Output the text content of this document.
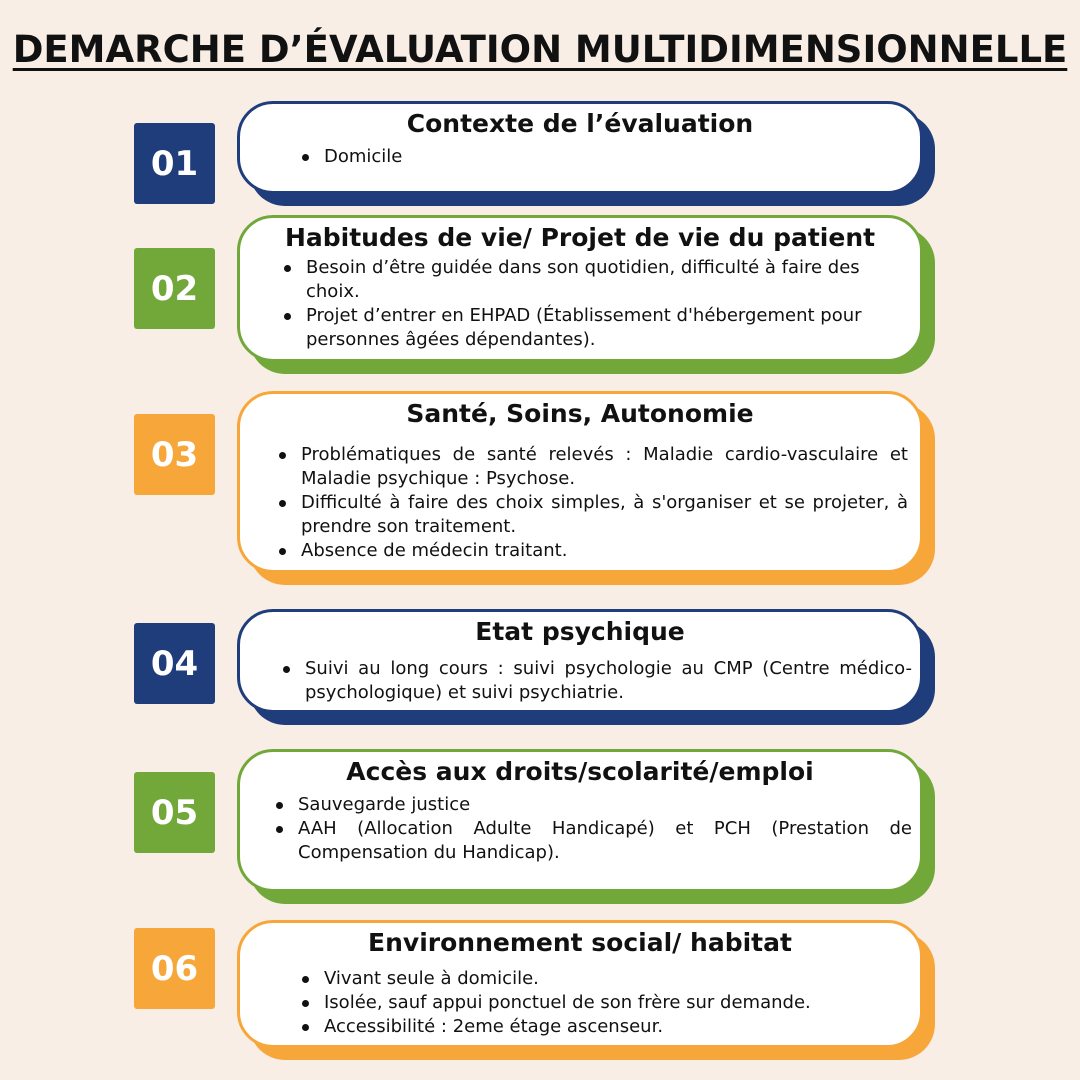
DEMARCHE D’ÉVALUATION MULTIDIMENSIONNELLE
01
Contexte de l’évaluation
Domicile
02
Habitudes de vie/ Projet de vie du patient
Besoin d’être guidée dans son quotidien, difficulté à faire des choix.
Projet d’entrer en EHPAD (Établissement d'hébergement pour personnes âgées dépendantes).
03
Santé, Soins, Autonomie
Problématiques de santé relevés : Maladie cardio-vasculaire et Maladie psychique : Psychose.
Difficulté à faire des choix simples, à s'organiser et se projeter, à prendre son traitement.
Absence de médecin traitant.
04
Etat psychique
Suivi au long cours : suivi psychologie au CMP (Centre médico-psychologique) et suivi psychiatrie.
05
Accès aux droits/scolarité/emploi
Sauvegarde justice
AAH (Allocation Adulte Handicapé) et PCH (Prestation de Compensation du Handicap).
06
Environnement social/ habitat
Vivant seule à domicile.
Isolée, sauf appui ponctuel de son frère sur demande.
Accessibilité : 2eme étage ascenseur.
